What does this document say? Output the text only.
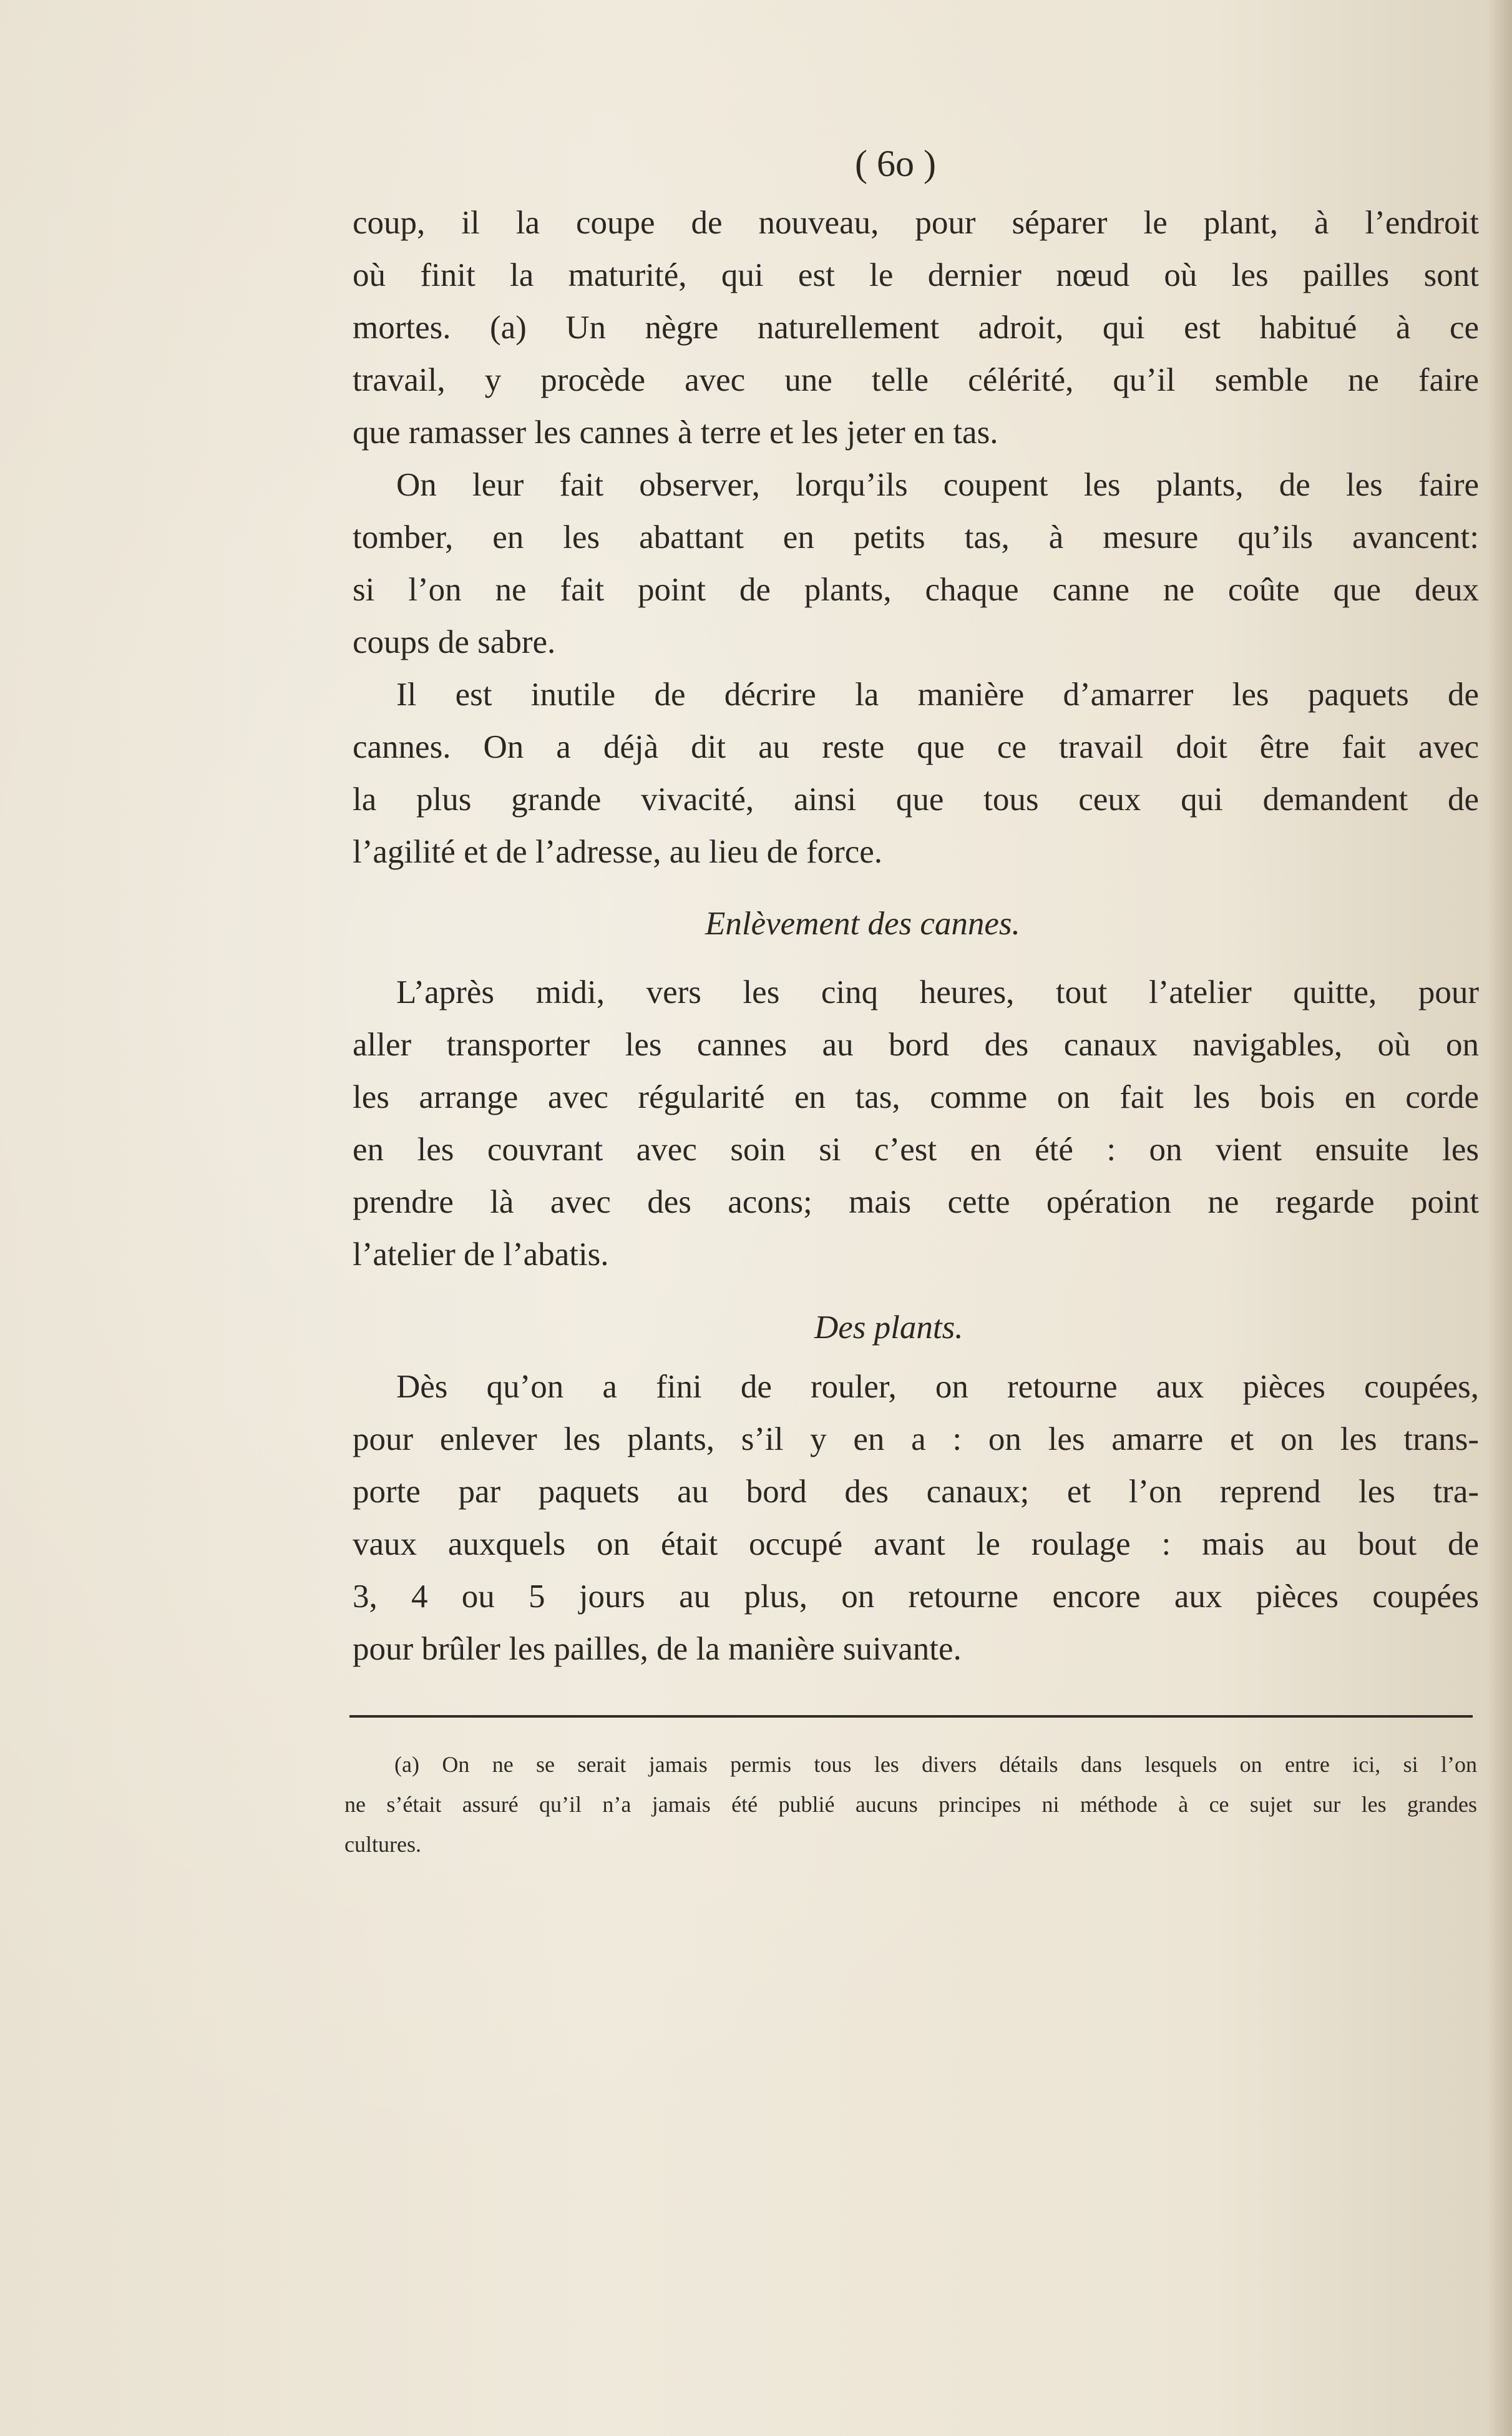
( 6o )
coup, il la coupe de nouveau, pour séparer le plant, à l’endroit
où finit la maturité, qui est le dernier nœud où les pailles sont
mortes. (a) Un nègre naturellement adroit, qui est habitué à ce
travail, y procède avec une telle célérité, qu’il semble ne faire
que ramasser les cannes à terre et les jeter en tas.
On leur fait observer, lorqu’ils coupent les plants, de les faire
tomber, en les abattant en petits tas, à mesure qu’ils avancent:
si l’on ne fait point de plants, chaque canne ne coûte que deux
coups de sabre.
Il est inutile de décrire la manière d’amarrer les paquets de
cannes. On a déjà dit au reste que ce travail doit être fait avec
la plus grande vivacité, ainsi que tous ceux qui demandent de
l’agilité et de l’adresse, au lieu de force.
Enlèvement des cannes.
L’après midi, vers les cinq heures, tout l’atelier quitte, pour
aller transporter les cannes au bord des canaux navigables, où on
les arrange avec régularité en tas, comme on fait les bois en corde
en les couvrant avec soin si c’est en été : on vient ensuite les
prendre là avec des acons; mais cette opération ne regarde point
l’atelier de l’abatis.
Des plants.
Dès qu’on a fini de rouler, on retourne aux pièces coupées,
pour enlever les plants, s’il y en a : on les amarre et on les trans-
porte par paquets au bord des canaux; et l’on reprend les tra-
vaux auxquels on était occupé avant le roulage : mais au bout de
3, 4 ou 5 jours au plus, on retourne encore aux pièces coupées
pour brûler les pailles, de la manière suivante.
(a) On ne se serait jamais permis tous les divers détails dans lesquels on entre ici, si l’on
ne s’était assuré qu’il n’a jamais été publié aucuns principes ni méthode à ce sujet sur les grandes
cultures.
